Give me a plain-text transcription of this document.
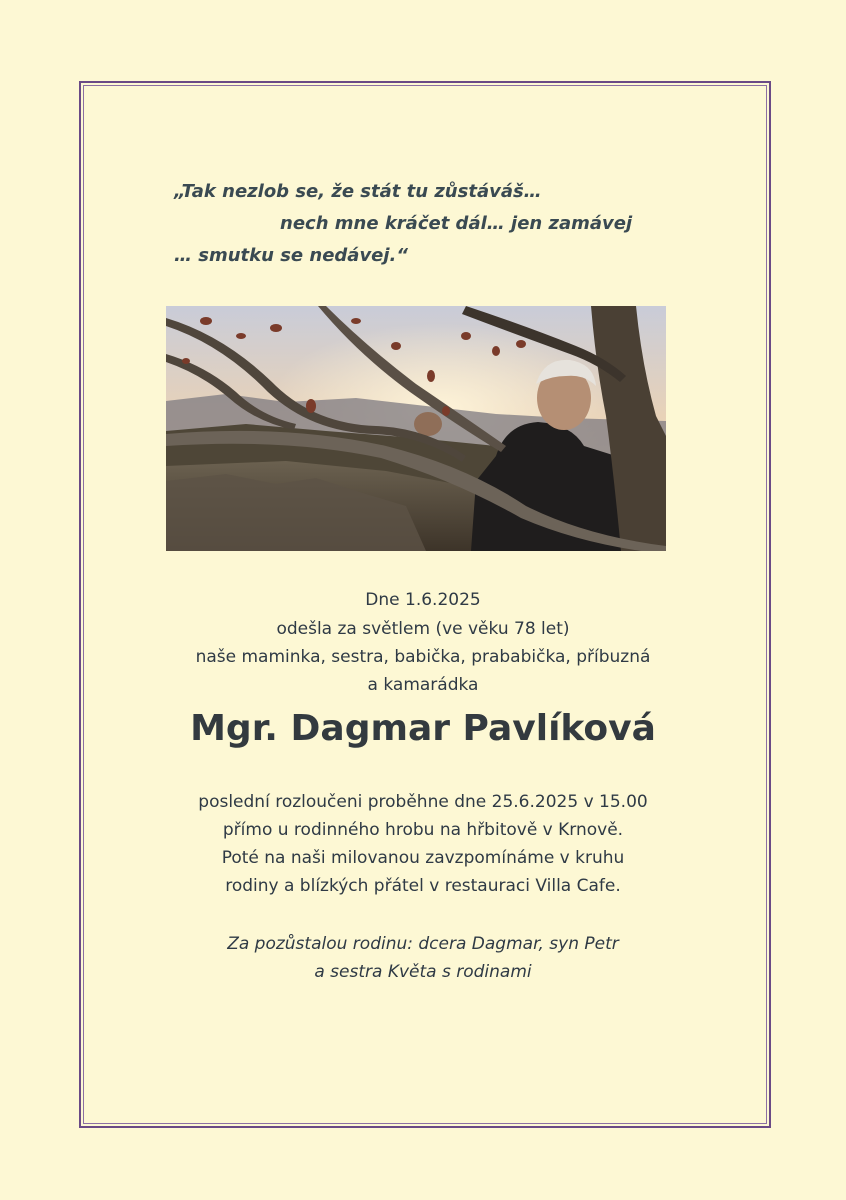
„Tak nezlob se, že stát tu zůstáváš…
nech mne kráčet dál… jen zamávej
… smutku se nedávej.“
Dne 1.6.2025
odešla za světlem (ve věku 78 let)
naše maminka, sestra, babička, prababička, příbuzná
a kamarádka
Mgr. Dagmar Pavlíková
poslední rozloučeni proběhne dne 25.6.2025 v 15.00
přímo u rodinného hrobu na hřbitově v Krnově.
Poté na naši milovanou zavzpomínáme v kruhu
rodiny a blízkých přátel v restauraci Villa Cafe.
Za pozůstalou rodinu: dcera Dagmar, syn Petr
a sestra Květa s rodinami
